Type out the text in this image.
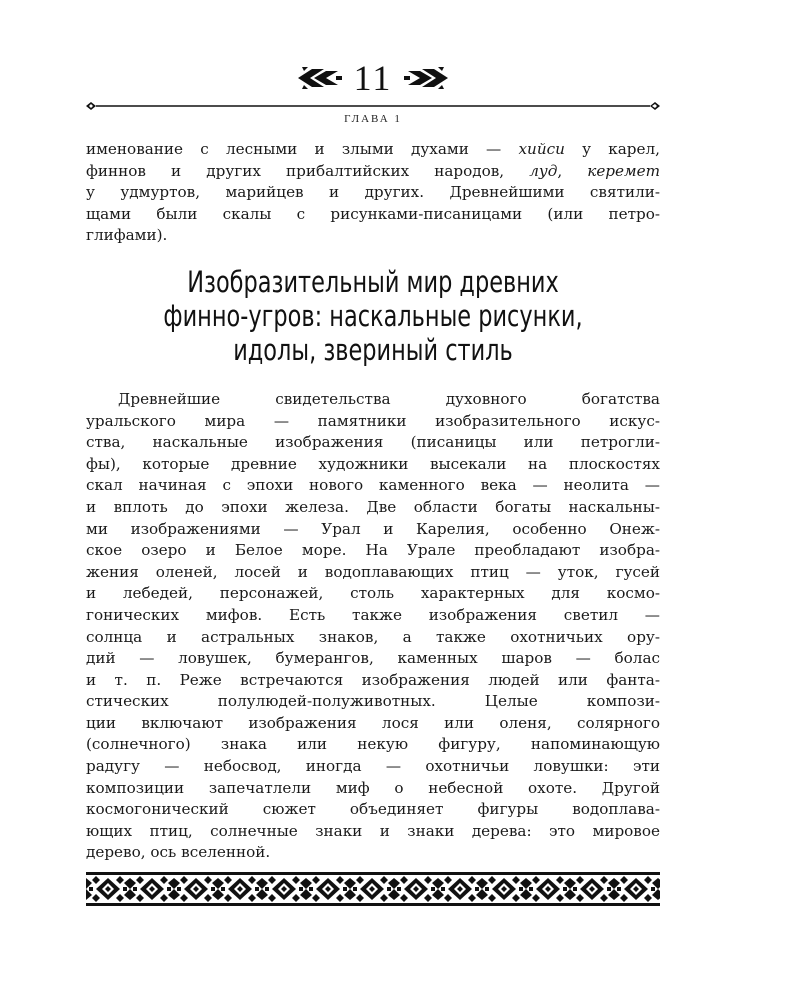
11
ГЛАВА 1
именование с лесными и злыми духами — хийси у карел,
финнов и других прибалтийских народов, луд, керемет
у удмуртов, марийцев и других. Древнейшими святили-
щами были скалы с рисунками-писаницами (или петро-
глифами).
Изобразительный мир древних
финно-угров: наскальные рисунки,
идолы, звериный стиль
Древнейшие свидетельства духовного богатства
уральского мира — памятники изобразительного искус-
ства, наскальные изображения (писаницы или петрогли-
фы), которые древние художники высекали на плоскостях
скал начиная с эпохи нового каменного века — неолита —
и вплоть до эпохи железа. Две области богаты наскальны-
ми изображениями — Урал и Карелия, особенно Онеж-
ское озеро и Белое море. На Урале преобладают изобра-
жения оленей, лосей и водоплавающих птиц — уток, гусей
и лебедей, персонажей, столь характерных для космо-
гонических мифов. Есть также изображения светил —
солнца и астральных знаков, а также охотничьих ору-
дий — ловушек, бумерангов, каменных шаров — болас
и т. п. Реже встречаются изображения людей или фанта-
стических полулюдей-полуживотных. Целые компози-
ции включают изображения лося или оленя, солярного
(солнечного) знака или некую фигуру, напоминающую
радугу — небосвод, иногда — охотничьи ловушки: эти
композиции запечатлели миф о небесной охоте. Другой
космогонический сюжет объединяет фигуры водоплава-
ющих птиц, солнечные знаки и знаки дерева: это мировое
дерево, ось вселенной.
